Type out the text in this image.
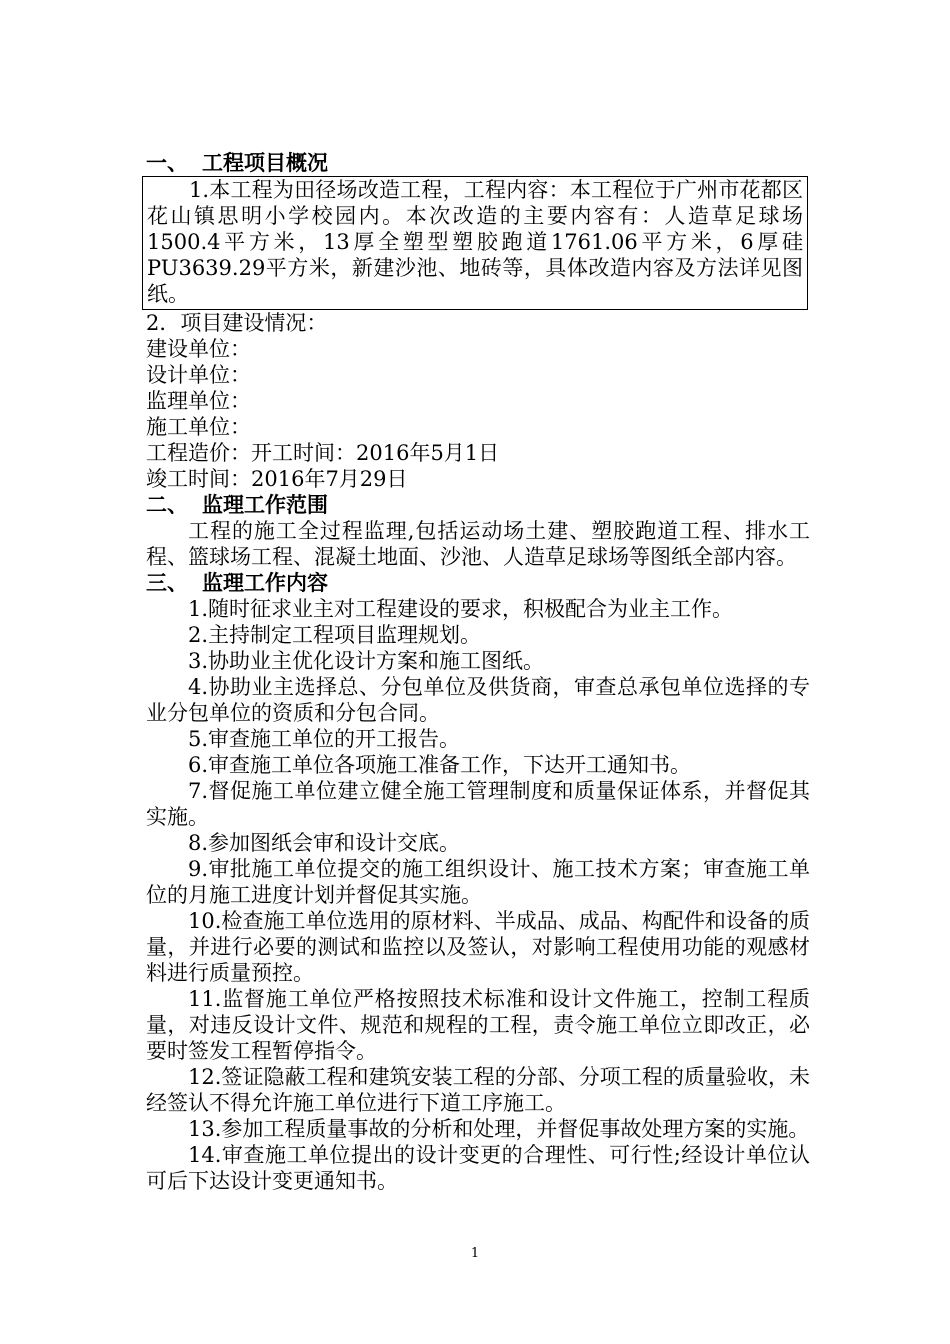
一、 工程项目概况
1.本工程为田径场改造工程，工程内容：本工程位于广州市花都区花山镇思明小学校园内。本次改造的主要内容有：人造草足球场1500.4平方米，13厚全塑型塑胶跑道1761.06平方米，6厚硅PU3639.29平方米，新建沙池、地砖等，具体改造内容及方法详见图纸。
2．项目建设情况：
建设单位：
设计单位：
监理单位：
施工单位：
工程造价：开工时间：2016年5月1日
竣工时间：2016年7月29日
二、 监理工作范围
工程的施工全过程监理,包括运动场土建、塑胶跑道工程、排水工程、篮球场工程、混凝土地面、沙池、人造草足球场等图纸全部内容。
三、 监理工作内容
1.随时征求业主对工程建设的要求，积极配合为业主工作。
2.主持制定工程项目监理规划。
3.协助业主优化设计方案和施工图纸。
4.协助业主选择总、分包单位及供货商，审查总承包单位选择的专业分包单位的资质和分包合同。
5.审查施工单位的开工报告。
6.审查施工单位各项施工准备工作，下达开工通知书。
7.督促施工单位建立健全施工管理制度和质量保证体系，并督促其实施。
8.参加图纸会审和设计交底。
9.审批施工单位提交的施工组织设计、施工技术方案；审查施工单位的月施工进度计划并督促其实施。
10.检查施工单位选用的原材料、半成品、成品、构配件和设备的质量，并进行必要的测试和监控以及签认，对影响工程使用功能的观感材料进行质量预控。
11.监督施工单位严格按照技术标准和设计文件施工，控制工程质量，对违反设计文件、规范和规程的工程，责令施工单位立即改正，必要时签发工程暂停指令。
12.签证隐蔽工程和建筑安装工程的分部、分项工程的质量验收，未经签认不得允许施工单位进行下道工序施工。
13.参加工程质量事故的分析和处理，并督促事故处理方案的实施。
14.审查施工单位提出的设计变更的合理性、可行性;经设计单位认可后下达设计变更通知书。
1
